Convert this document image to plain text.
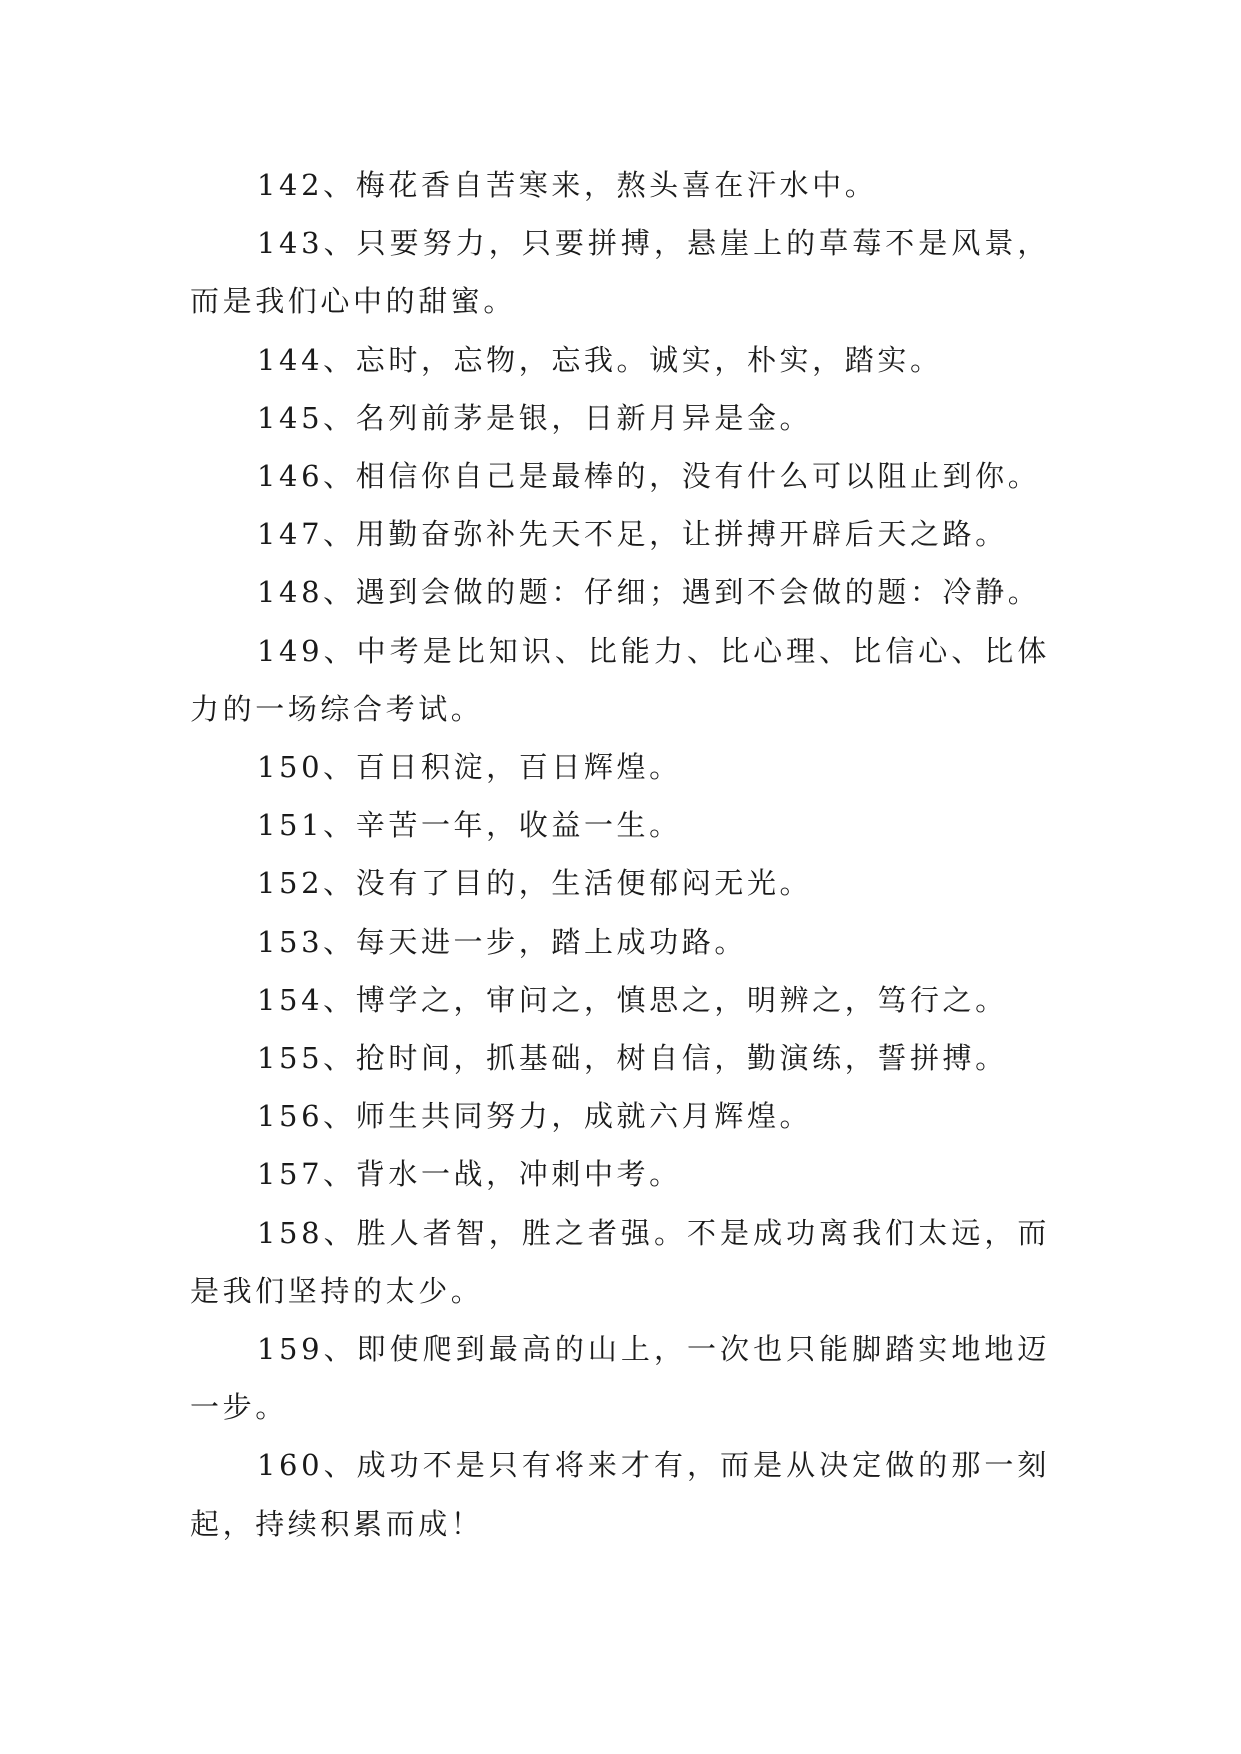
142、梅花香自苦寒来，熬头喜在汗水中。

143、只要努力，只要拼搏，悬崖上的草莓不是风景，而是我们心中的甜蜜。

144、忘时，忘物，忘我。诚实，朴实，踏实。

145、名列前茅是银，日新月异是金。

146、相信你自己是最棒的，没有什么可以阻止到你。

147、用勤奋弥补先天不足，让拼搏开辟后天之路。

148、遇到会做的题：仔细；遇到不会做的题：冷静。

149、中考是比知识、比能力、比心理、比信心、比体力的一场综合考试。

150、百日积淀，百日辉煌。

151、辛苦一年，收益一生。

152、没有了目的，生活便郁闷无光。

153、每天进一步，踏上成功路。

154、博学之，审问之，慎思之，明辨之，笃行之。

155、抢时间，抓基础，树自信，勤演练，誓拼搏。

156、师生共同努力，成就六月辉煌。

157、背水一战，冲刺中考。

158、胜人者智，胜之者强。不是成功离我们太远，而是我们坚持的太少。

159、即使爬到最高的山上，一次也只能脚踏实地地迈一步。

160、成功不是只有将来才有，而是从决定做的那一刻起，持续积累而成！
